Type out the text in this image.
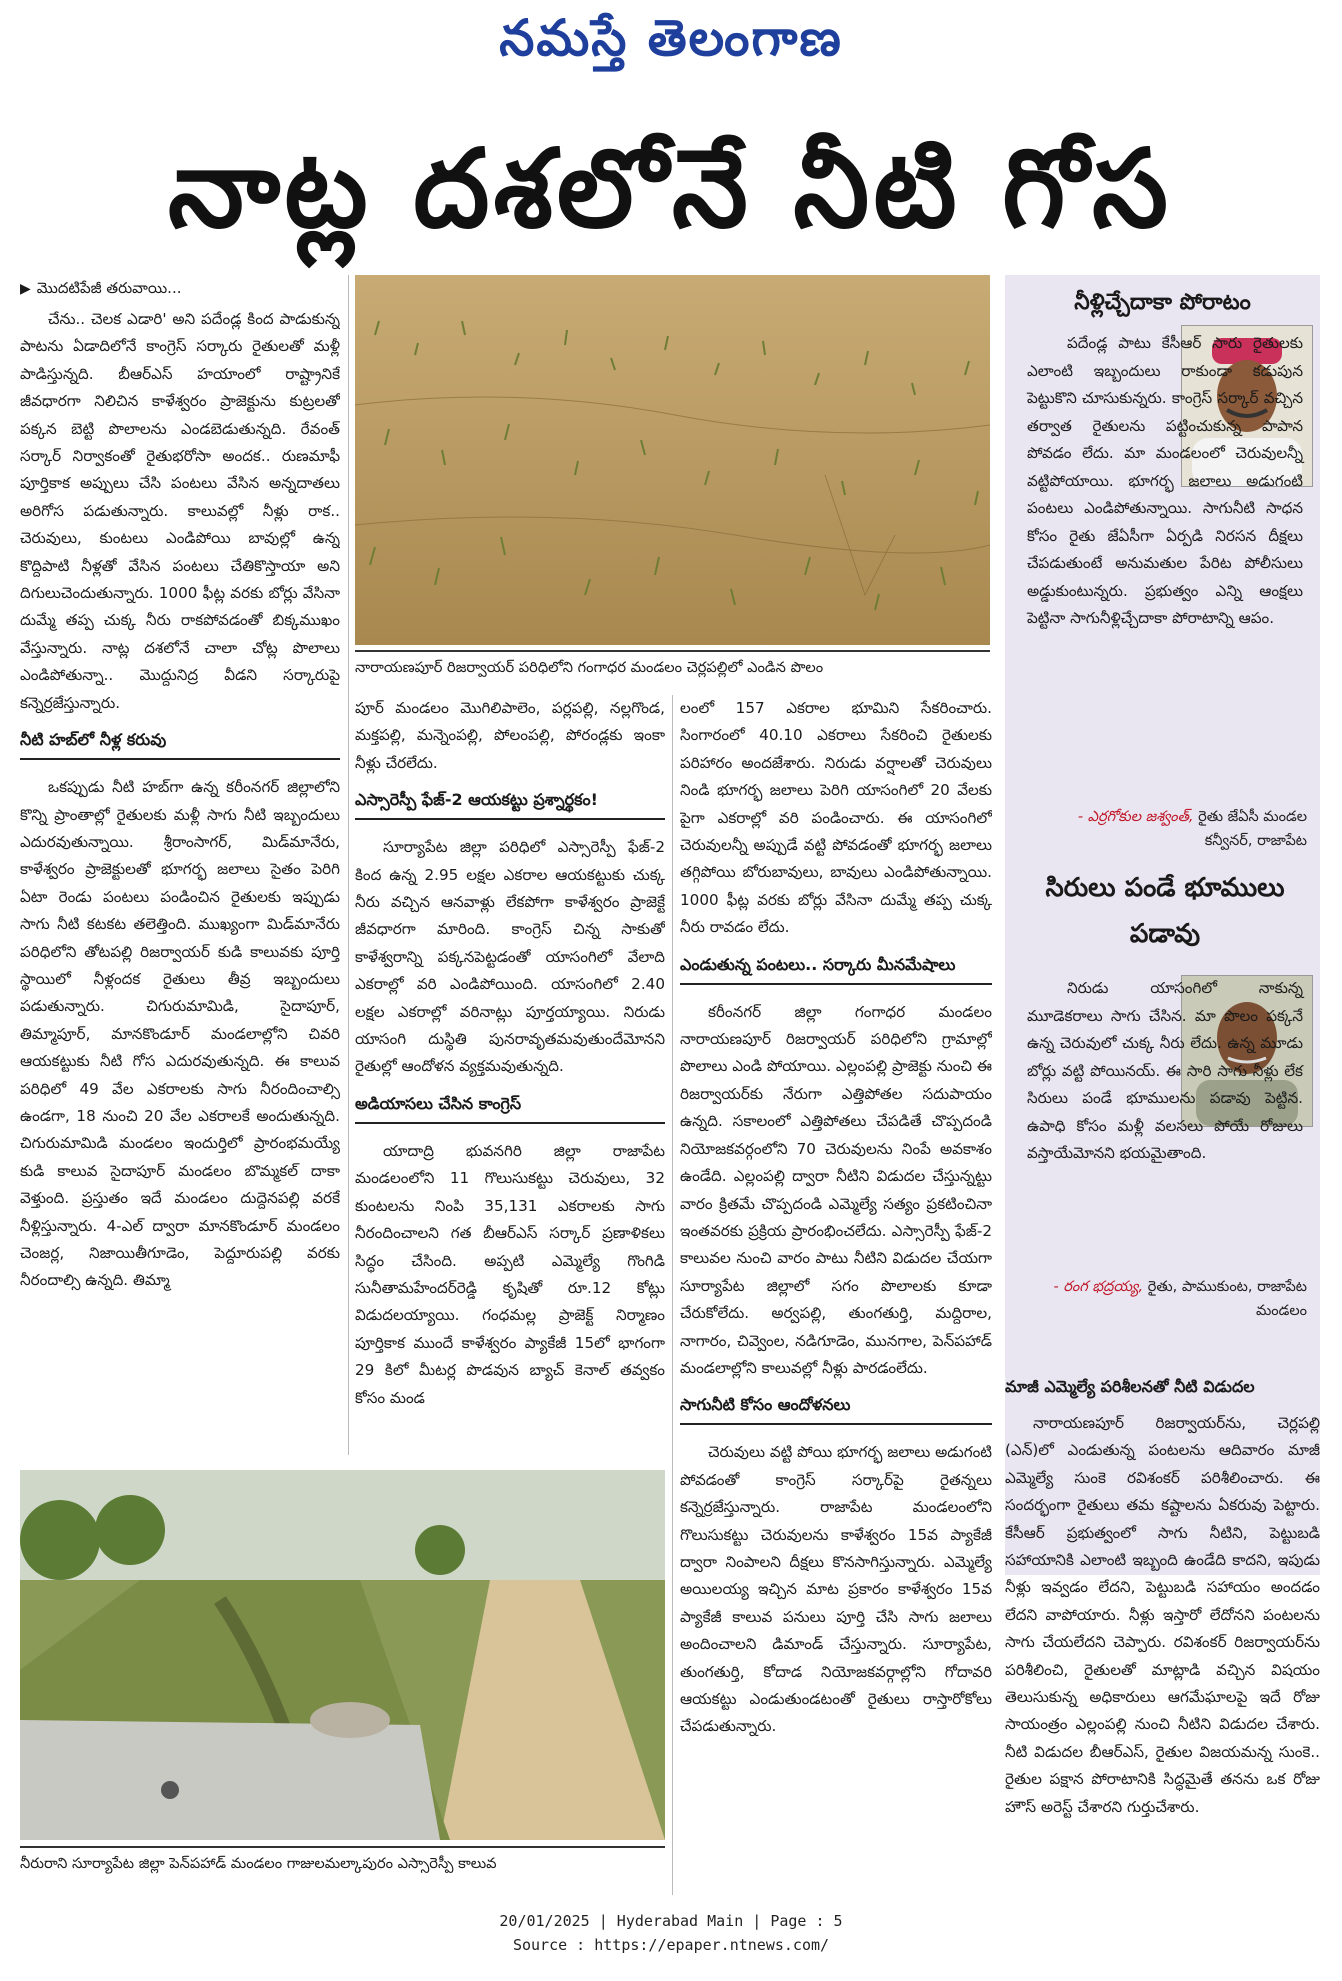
నమస్తే తెలంగాణ
నాట్ల దశలోనే నీటి గోస
▶ మొదటిపేజీ తరువాయి...

చేను.. చెలక ఎడారి' అని పదేండ్ల కింద పాడుకున్న పాటను ఏడాదిలోనే కాంగ్రెస్ సర్కారు రైతులతో మళ్లీ పాడిస్తున్నది. బీఆర్ఎస్ హయాంలో రాష్ట్రానికే జీవధారగా నిలిచిన కాళేశ్వరం ప్రాజెక్టును కుట్రలతో పక్కన బెట్టి పొలాలను ఎండబెడుతున్నది. రేవంత్ సర్కార్ నిర్వాకంతో రైతుభరోసా అందక.. రుణమాఫీ పూర్తికాక అప్పులు చేసి పంటలు వేసిన అన్నదాతలు అరిగోస పడుతున్నారు. కాలువల్లో నీళ్లు రాక.. చెరువులు, కుంటలు ఎండిపోయి బావుల్లో ఉన్న కొద్దిపాటి నీళ్లతో వేసిన పంటలు చేతికొస్తాయా అని దిగులుచెందుతున్నారు. 1000 ఫీట్ల వరకు బోర్లు వేసినా దుమ్మే తప్ప చుక్క నీరు రాకపోవడంతో బిక్కముఖం వేస్తున్నారు. నాట్ల దశలోనే చాలా చోట్ల పొలాలు ఎండిపోతున్నా.. మొద్దునిద్ర వీడని సర్కారుపై కన్నెర్రజేస్తున్నారు.

నీటి హబ్‌లో నీళ్ల కరువు

ఒకప్పుడు నీటి హబ్‌గా ఉన్న కరీంనగర్ జిల్లాలోని కొన్ని ప్రాంతాల్లో రైతులకు మళ్లీ సాగు నీటి ఇబ్బందులు ఎదురవుతున్నాయి. శ్రీరాంసాగర్, మిడ్‌మానేరు, కాళేశ్వరం ప్రాజెక్టులతో భూగర్భ జలాలు సైతం పెరిగి ఏటా రెండు పంటలు పండించిన రైతులకు ఇప్పుడు సాగు నీటి కటకట తలెత్తింది. ముఖ్యంగా మిడ్‌మానేరు పరిధిలోని తోటపల్లి రిజర్వాయర్ కుడి కాలువకు పూర్తి స్థాయిలో నీళ్లందక రైతులు తీవ్ర ఇబ్బందులు పడుతున్నారు. చిగురుమామిడి, సైదాపూర్, తిమ్మాపూర్, మానకొండూర్ మండలాల్లోని చివరి ఆయకట్టుకు నీటి గోస ఎదురవుతున్నది. ఈ కాలువ పరిధిలో 49 వేల ఎకరాలకు సాగు నీరందించాల్సి ఉండగా, 18 నుంచి 20 వేల ఎకరాలకే అందుతున్నది. చిగురుమామిడి మండలం ఇందుర్తిలో ప్రారంభమయ్యే కుడి కాలువ సైదాపూర్ మండలం బొమ్మకల్ దాకా వెళ్తుంది. ప్రస్తుతం ఇదే మండలం దుద్దెనపల్లి వరకే నీళ్లిస్తున్నారు. 4-ఎల్ ద్వారా మానకొండూర్ మండలం చెంజర్ల, నిజాయితీగూడెం, పెద్దూరుపల్లి వరకు నీరందాల్సి ఉన్నది. తిమ్మా

నారాయణపూర్ రిజర్వాయర్ పరిధిలోని గంగాధర మండలం చెర్లపల్లిలో ఎండిన పొలం

పూర్ మండలం మొగిలిపాలెం, పర్లపల్లి, నల్లగొండ, మక్తపల్లి, మన్నెంపల్లి, పోలంపల్లి, పోరండ్లకు ఇంకా నీళ్లు చేరలేదు.

ఎస్సారెస్పీ ఫేజ్-2 ఆయకట్టు ప్రశ్నార్థకం!

సూర్యాపేట జిల్లా పరిధిలో ఎస్సారెస్పీ ఫేజ్-2 కింద ఉన్న 2.95 లక్షల ఎకరాల ఆయకట్టుకు చుక్క నీరు వచ్చిన ఆనవాళ్లు లేకపోగా కాళేశ్వరం ప్రాజెక్టే జీవధారగా మారింది. కాంగ్రెస్ చిన్న సాకుతో కాళేశ్వరాన్ని పక్కనపెట్టడంతో యాసంగిలో వేలాది ఎకరాల్లో వరి ఎండిపోయింది. యాసంగిలో 2.40 లక్షల ఎకరాల్లో వరినాట్లు పూర్తయ్యాయి. నిరుడు యాసంగి దుస్థితి పునరావృతమవుతుందేమోనని రైతుల్లో ఆందోళన వ్యక్తమవుతున్నది.

అడియాసలు చేసిన కాంగ్రెస్

యాదాద్రి భువనగిరి జిల్లా రాజాపేట మండలంలోని 11 గొలుసుకట్టు చెరువులు, 32 కుంటలను నింపి 35,131 ఎకరాలకు సాగు నీరందించాలని గత బీఆర్ఎస్ సర్కార్ ప్రణాళికలు సిద్ధం చేసింది. అప్పటి ఎమ్మెల్యే గొంగిడి సునీతామహేందర్‌రెడ్డి కృషితో రూ.12 కోట్లు విడుదలయ్యాయి. గంధమల్ల ప్రాజెక్ట్ నిర్మాణం పూర్తికాక ముందే కాళేశ్వరం ప్యాకేజీ 15లో భాగంగా 29 కిలో మీటర్ల పొడవున బ్యాచ్ కెనాల్ తవ్వకం కోసం మండ

లంలో 157 ఎకరాల భూమిని సేకరించారు. సింగారంలో 40.10 ఎకరాలు సేకరించి రైతులకు పరిహారం అందజేశారు. నిరుడు వర్షాలతో చెరువులు నిండి భూగర్భ జలాలు పెరిగి యాసంగిలో 20 వేలకు పైగా ఎకరాల్లో వరి పండించారు. ఈ యాసంగిలో చెరువులన్నీ అప్పుడే వట్టి పోవడంతో భూగర్భ జలాలు తగ్గిపోయి బోరుబావులు, బావులు ఎండిపోతున్నాయి. 1000 ఫీట్ల వరకు బోర్లు వేసినా దుమ్మే తప్ప చుక్క నీరు రావడం లేదు.

ఎండుతున్న పంటలు.. సర్కారు మీనమేషాలు

కరీంనగర్ జిల్లా గంగాధర మండలం నారాయణపూర్ రిజర్వాయర్ పరిధిలోని గ్రామాల్లో పొలాలు ఎండి పోయాయి. ఎల్లంపల్లి ప్రాజెక్టు నుంచి ఈ రిజర్వాయర్‌కు నేరుగా ఎత్తిపోతల సదుపాయం ఉన్నది. సకాలంలో ఎత్తిపోతలు చేపడితే చొప్పదండి నియోజకవర్గంలోని 70 చెరువులను నింపే అవకాశం ఉండేది. ఎల్లంపల్లి ద్వారా నీటిని విడుదల చేస్తున్నట్టు వారం క్రితమే చొప్పదండి ఎమ్మెల్యే సత్యం ప్రకటించినా ఇంతవరకు ప్రక్రియ ప్రారంభించలేదు. ఎస్సారెస్పీ ఫేజ్-2 కాలువల నుంచి వారం పాటు నీటిని విడుదల చేయగా సూర్యాపేట జిల్లాలో సగం పొలాలకు కూడా చేరుకోలేదు. అర్వపల్లి, తుంగతుర్తి, మద్దిరాల, నాగారం, చివ్వెంల, నడిగూడెం, మునగాల, పెన్‌పహాడ్ మండలాల్లోని కాలువల్లో నీళ్లు పారడంలేదు.

సాగునీటి కోసం ఆందోళనలు

చెరువులు వట్టి పోయి భూగర్భ జలాలు అడుగంటి పోవడంతో కాంగ్రెస్ సర్కార్‌పై రైతన్నలు కన్నెర్రజేస్తున్నారు. రాజాపేట మండలంలోని గొలుసుకట్టు చెరువులను కాళేశ్వరం 15వ ప్యాకేజీ ద్వారా నింపాలని దీక్షలు కొనసాగిస్తున్నారు. ఎమ్మెల్యే అయిలయ్య ఇచ్చిన మాట ప్రకారం కాళేశ్వరం 15వ ప్యాకేజీ కాలువ పనులు పూర్తి చేసి సాగు జలాలు అందించాలని డిమాండ్ చేస్తున్నారు. సూర్యాపేట, తుంగతుర్తి, కోదాడ నియోజకవర్గాల్లోని గోదావరి ఆయకట్టు ఎండుతుండటంతో రైతులు రాస్తారోకోలు చేపడుతున్నారు.

నీరురాని సూర్యాపేట జిల్లా పెన్‌పహాడ్ మండలం గాజులమల్కాపురం ఎస్సారెస్పీ కాలువ
నీళ్లిచ్చేదాకా పోరాటం
పదేండ్ల పాటు కేసీఆర్ సారు రైతులకు ఎలాంటి ఇబ్బందులు రాకుండా కడుపున పెట్టుకొని చూసుకున్నరు. కాంగ్రెస్ సర్కార్ వచ్చిన తర్వాత రైతులను పట్టించుకున్న పాపాన పోవడం లేదు. మా మండలంలో చెరువులన్నీ వట్టిపోయాయి. భూగర్భ జలాలు అడుగంటి పంటలు ఎండిపోతున్నాయి. సాగునీటి సాధన కోసం రైతు జేఏసీగా ఏర్పడి నిరసన దీక్షలు చేపడుతుంటే అనుమతుల పేరిట పోలీసులు అడ్డుకుంటున్నరు. ప్రభుత్వం ఎన్ని ఆంక్షలు పెట్టినా సాగునీళ్లిచ్చేదాకా పోరాటాన్ని ఆపం.
- ఎర్రగోకుల జశ్వంత్, రైతు జేఏసీ మండల కన్వీనర్, రాజాపేట
సిరులు పండే భూములు పడావు
నిరుడు యాసంగిలో నాకున్న మూడెకరాలు సాగు చేసిన. మా పొలం పక్కనే ఉన్న చెరువులో చుక్క నీరు లేదు. ఉన్న మూడు బోర్లు వట్టి పోయినయ్. ఈ సారి సాగు నీళ్లు లేక సిరులు పండే భూములను పడావు పెట్టిన. ఉపాధి కోసం మళ్లీ వలసలు పోయే రోజులు వస్తాయేమోనని భయమైతాంది.
- రంగ భద్రయ్య, రైతు, పాముకుంట, రాజాపేట మండలం
మాజీ ఎమ్మెల్యే పరిశీలనతో నీటి విడుదల

నారాయణపూర్ రిజర్వాయర్‌ను, చెర్లపల్లి (ఎన్)లో ఎండుతున్న పంటలను ఆదివారం మాజీ ఎమ్మెల్యే సుంకె రవిశంకర్ పరిశీలించారు. ఈ సందర్భంగా రైతులు తమ కష్టాలను ఏకరువు పెట్టారు. కేసీఆర్ ప్రభుత్వంలో సాగు నీటిని, పెట్టుబడి సహాయానికి ఎలాంటి ఇబ్బంది ఉండేది కాదని, ఇపుడు నీళ్లు ఇవ్వడం లేదని, పెట్టుబడి సహాయం అందడం లేదని వాపోయారు. నీళ్లు ఇస్తారో లేదోనని పంటలను సాగు చేయలేదని చెప్పారు. రవిశంకర్ రిజర్వాయర్‌ను పరిశీలించి, రైతులతో మాట్లాడి వచ్చిన విషయం తెలుసుకున్న అధికారులు ఆగమేఘాలపై ఇదే రోజు సాయంత్రం ఎల్లంపల్లి నుంచి నీటిని విడుదల చేశారు. నీటి విడుదల బీఆర్ఎస్, రైతుల విజయమన్న సుంకె.. రైతుల పక్షాన పోరాటానికి సిద్ధమైతే తనను ఒక రోజు హౌస్ అరెస్ట్ చేశారని గుర్తుచేశారు.

20/01/2025 | Hyderabad Main | Page : 5
Source : https://epaper.ntnews.com/
